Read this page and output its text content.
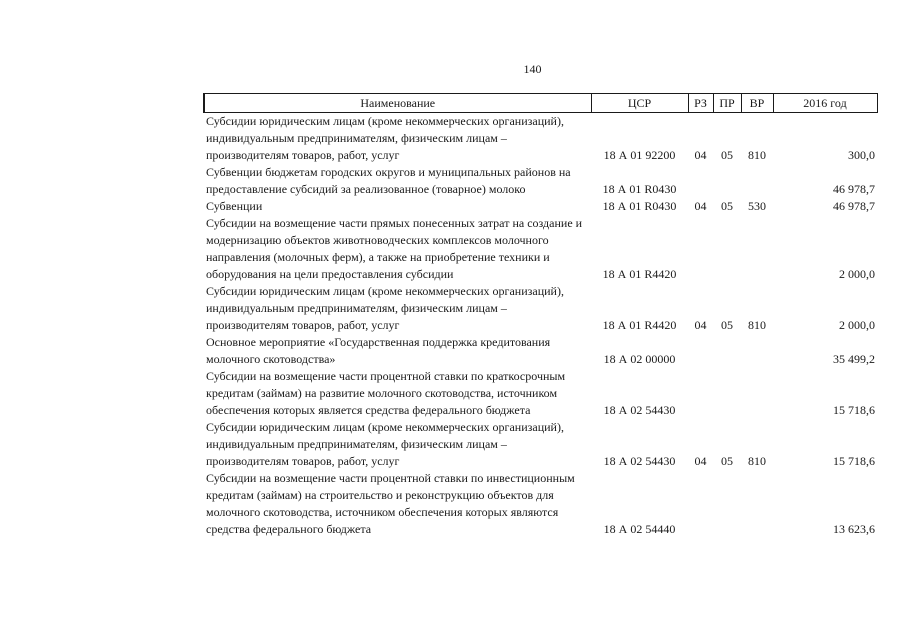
140
Наименование	ЦСР	РЗ	ПР	ВР	2016 год
Субсидии юридическим лицам (кроме некоммерческих организаций), индивидуальным предпринимателям, физическим лицам – производителям товаров, работ, услуг	18 А 01 92200	04	05	810	300,0
Субвенции бюджетам городских округов и муниципальных районов на предоставление субсидий за реализованное (товарное) молоко	18 А 01 R0430				46 978,7
Субвенции	18 А 01 R0430	04	05	530	46 978,7
Субсидии на возмещение части прямых понесенных затрат на создание и модернизацию объектов животноводческих комплексов молочного направления (молочных ферм), а также на приобретение техники и оборудования на цели предоставления субсидии	18 А 01 R4420				2 000,0
Субсидии юридическим лицам (кроме некоммерческих организаций), индивидуальным предпринимателям, физическим лицам – производителям товаров, работ, услуг	18 А 01 R4420	04	05	810	2 000,0
Основное мероприятие «Государственная поддержка кредитования молочного скотоводства»	18 А 02 00000				35 499,2
Субсидии на возмещение части процентной ставки по краткосрочным кредитам (займам) на развитие молочного скотоводства, источником обеспечения которых является средства федерального бюджета	18 А 02 54430				15 718,6
Субсидии юридическим лицам (кроме некоммерческих организаций), индивидуальным предпринимателям, физическим лицам – производителям товаров, работ, услуг	18 А 02 54430	04	05	810	15 718,6
Субсидии на возмещение части процентной ставки по инвестиционным кредитам (займам) на строительство и реконструкцию объектов для молочного скотоводства, источником обеспечения которых являются средства федерального бюджета	18 А 02 54440				13 623,6
